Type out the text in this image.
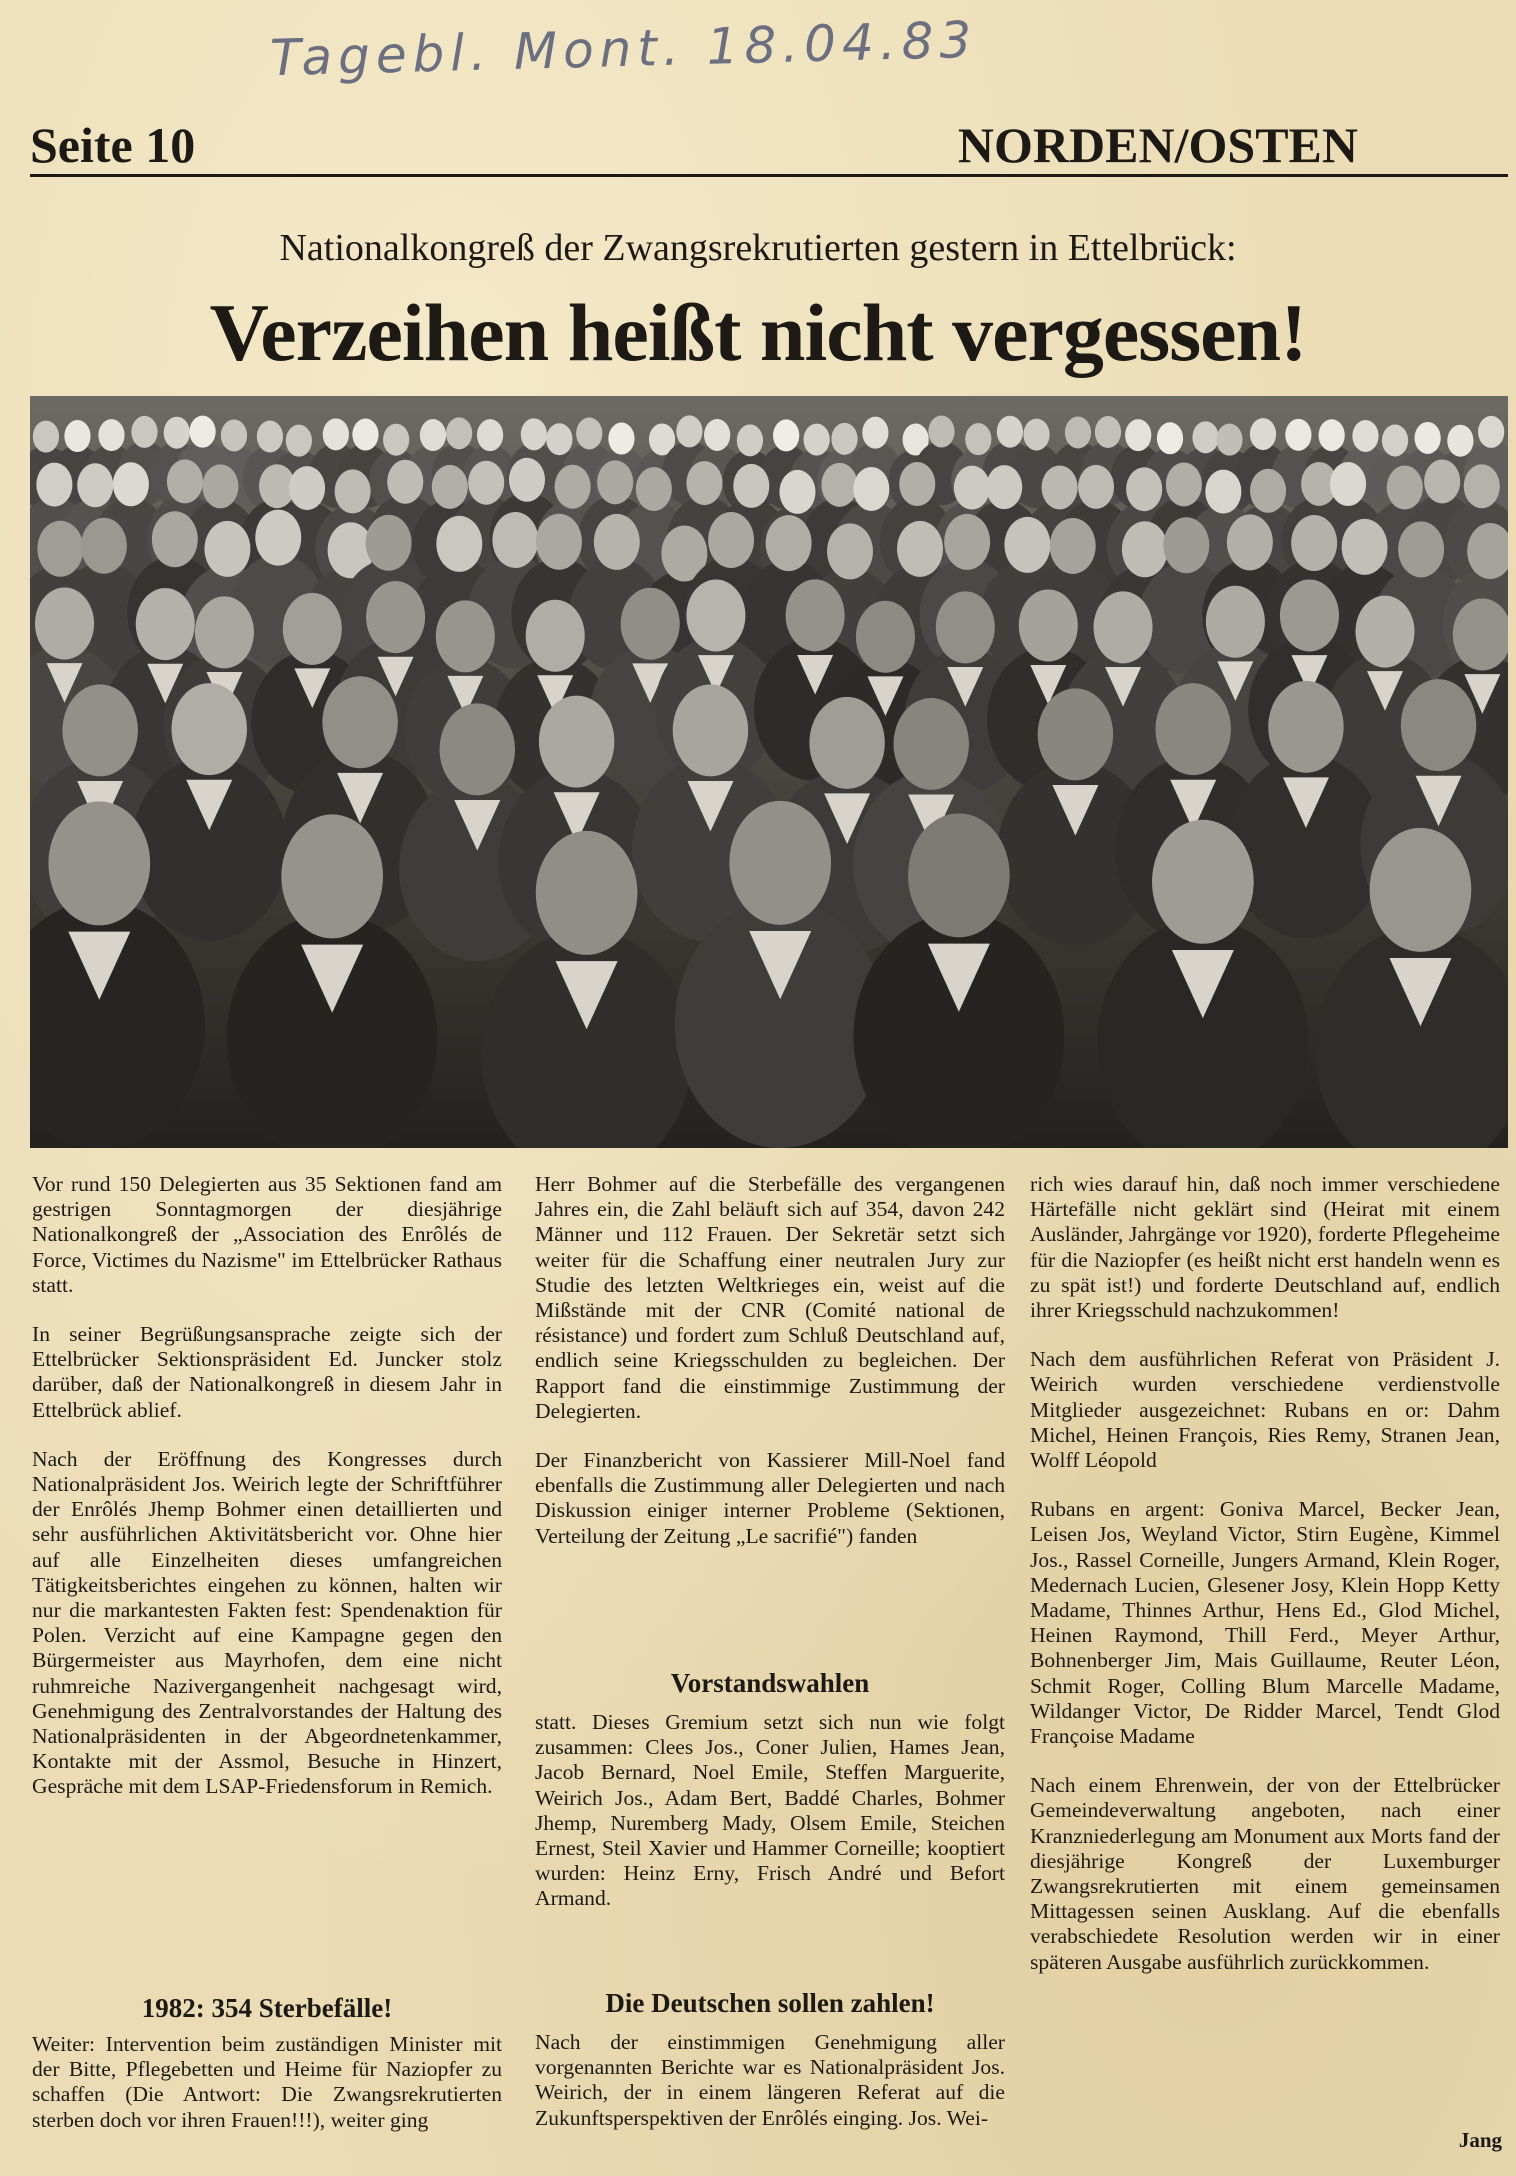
Tagebl. Mont. 18.04.83
Seite 10	NORDEN/OSTEN
Nationalkongreß der Zwangsrekrutierten gestern in Ettelbrück:
Verzeihen heißt nicht vergessen!

Vor rund 150 Delegierten aus 35 Sektionen fand am gestrigen Sonntagmorgen der diesjährige Nationalkongreß der „Association des Enrôlés de Force, Victimes du Nazisme" im Ettelbrücker Rathaus statt.

In seiner Begrüßungsansprache zeigte sich der Ettelbrücker Sektionspräsident Ed. Juncker stolz darüber, daß der Nationalkongreß in diesem Jahr in Ettelbrück ablief.

Nach der Eröffnung des Kongresses durch Nationalpräsident Jos. Weirich legte der Schriftführer der Enrôlés Jhemp Bohmer einen detaillierten und sehr ausführlichen Aktivitätsbericht vor. Ohne hier auf alle Einzelheiten dieses umfangreichen Tätigkeitsberichtes eingehen zu können, halten wir nur die markantesten Fakten fest: Spendenaktion für Polen. Verzicht auf eine Kampagne gegen den Bürgermeister aus Mayrhofen, dem eine nicht ruhmreiche Nazivergangenheit nachgesagt wird, Genehmigung des Zentralvorstandes der Haltung des Nationalpräsidenten in der Abgeordnetenkammer, Kontakte mit der Assmol, Besuche in Hinzert, Gespräche mit dem LSAP-Friedensforum in Remich.

1982: 354 Sterbefälle!

Weiter: Intervention beim zuständigen Minister mit der Bitte, Pflegebetten und Heime für Naziopfer zu schaffen (Die Antwort: Die Zwangsrekrutierten sterben doch vor ihren Frauen!!!), weiter ging

Herr Bohmer auf die Sterbefälle des vergangenen Jahres ein, die Zahl beläuft sich auf 354, davon 242 Männer und 112 Frauen. Der Sekretär setzt sich weiter für die Schaffung einer neutralen Jury zur Studie des letzten Weltkrieges ein, weist auf die Mißstände mit der CNR (Comité national de résistance) und fordert zum Schluß Deutschland auf, endlich seine Kriegsschulden zu begleichen. Der Rapport fand die einstimmige Zustimmung der Delegierten.

Der Finanzbericht von Kassierer Mill-Noel fand ebenfalls die Zustimmung aller Delegierten und nach Diskussion einiger interner Probleme (Sektionen, Verteilung der Zeitung „Le sacrifié") fanden

Vorstandswahlen

statt. Dieses Gremium setzt sich nun wie folgt zusammen: Clees Jos., Coner Julien, Hames Jean, Jacob Bernard, Noel Emile, Steffen Marguerite, Weirich Jos., Adam Bert, Baddé Charles, Bohmer Jhemp, Nuremberg Mady, Olsem Emile, Steichen Ernest, Steil Xavier und Hammer Corneille; kooptiert wurden: Heinz Erny, Frisch André und Befort Armand.

Die Deutschen sollen zahlen!

Nach der einstimmigen Genehmigung aller vorgenannten Berichte war es Nationalpräsident Jos. Weirich, der in einem längeren Referat auf die Zukunftsperspektiven der Enrôlés einging. Jos. Wei-

rich wies darauf hin, daß noch immer verschiedene Härtefälle nicht geklärt sind (Heirat mit einem Ausländer, Jahrgänge vor 1920), forderte Pflegeheime für die Naziopfer (es heißt nicht erst handeln wenn es zu spät ist!) und forderte Deutschland auf, endlich ihrer Kriegsschuld nachzukommen!

Nach dem ausführlichen Referat von Präsident J. Weirich wurden verschiedene verdienstvolle Mitglieder ausgezeichnet: Rubans en or: Dahm Michel, Heinen François, Ries Remy, Stranen Jean, Wolff Léopold

Rubans en argent: Goniva Marcel, Becker Jean, Leisen Jos, Weyland Victor, Stirn Eugène, Kimmel Jos., Rassel Corneille, Jungers Armand, Klein Roger, Medernach Lucien, Glesener Josy, Klein Hopp Ketty Madame, Thinnes Arthur, Hens Ed., Glod Michel, Heinen Raymond, Thill Ferd., Meyer Arthur, Bohnenberger Jim, Mais Guillaume, Reuter Léon, Schmit Roger, Colling Blum Marcelle Madame, Wildanger Victor, De Ridder Marcel, Tendt Glod Françoise Madame

Nach einem Ehrenwein, der von der Ettelbrücker Gemeindeverwaltung angeboten, nach einer Kranzniederlegung am Monument aux Morts fand der diesjährige Kongreß der Luxemburger Zwangsrekrutierten mit einem gemeinsamen Mittagessen seinen Ausklang. Auf die ebenfalls verabschiedete Resolution werden wir in einer späteren Ausgabe ausführlich zurückkommen.

Jang
